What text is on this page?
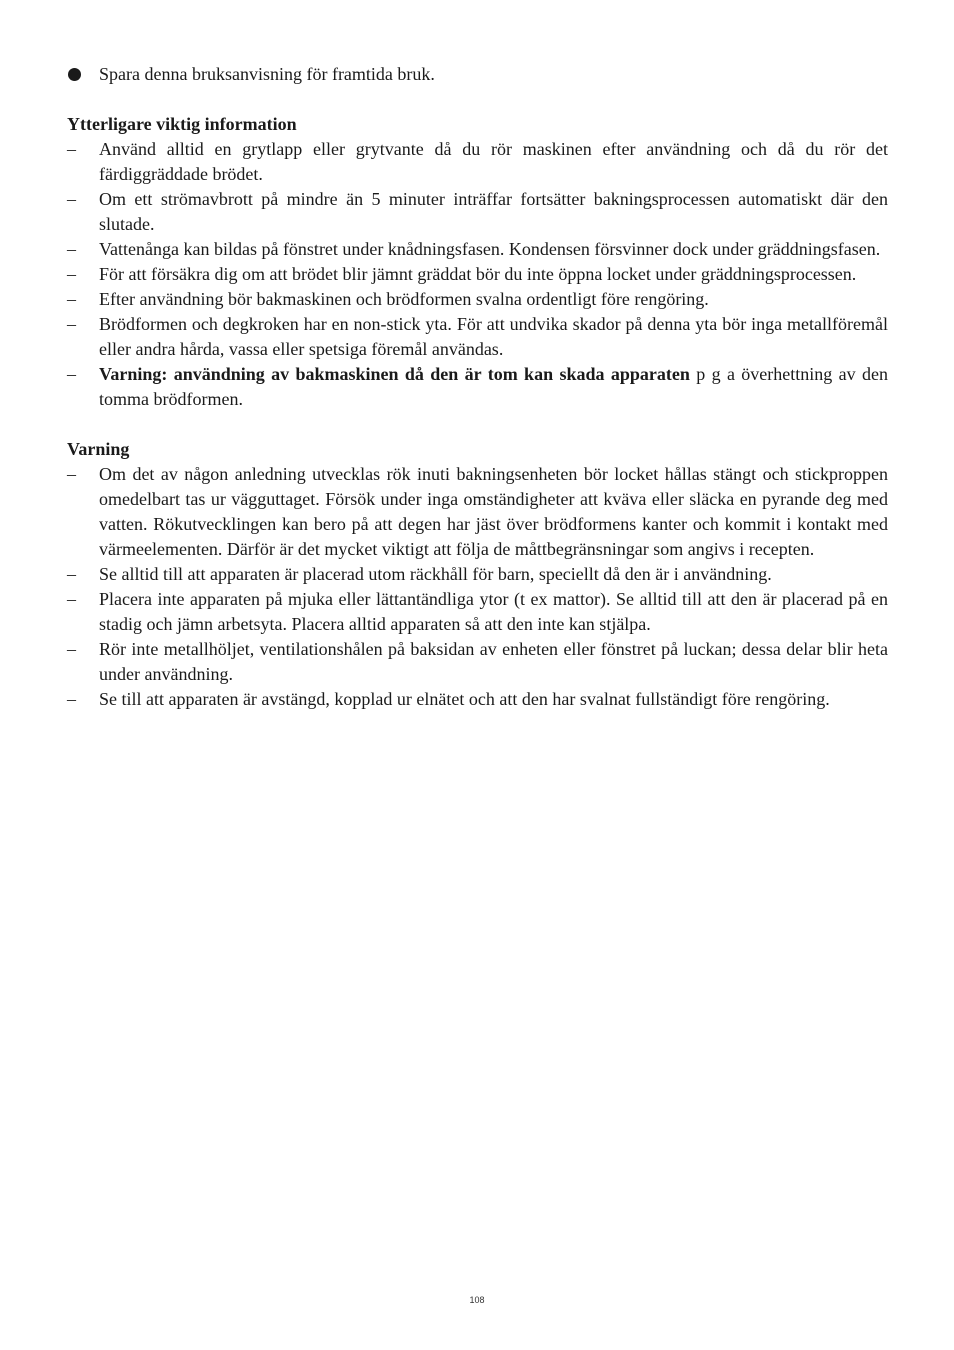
Spara denna bruksanvisning för framtida bruk.
Ytterligare viktig information
–	Använd alltid en grytlapp eller grytvante då du rör maskinen efter användning och då du rör det färdiggräddade brödet.
–	Om ett strömavbrott på mindre än 5 minuter inträffar fortsätter bakningsprocessen automatiskt där den slutade.
–	Vattenånga kan bildas på fönstret under knådningsfasen. Kondensen försvinner dock under gräddningsfasen.
–	För att försäkra dig om att brödet blir jämnt gräddat bör du inte öppna locket under gräddningsprocessen.
–	Efter användning bör bakmaskinen och brödformen svalna ordentligt före rengöring.
–	Brödformen och degkroken har en non-stick yta. För att undvika skador på denna yta bör inga metallföremål eller andra hårda, vassa eller spetsiga föremål användas.
–	Varning: användning av bakmaskinen då den är tom kan skada apparaten p g a överhettning av den tomma brödformen.
Varning
–	Om det av någon anledning utvecklas rök inuti bakningsenheten bör locket hållas stängt och stickproppen omedelbart tas ur vägguttaget. Försök under inga omständigheter att kväva eller släcka en pyrande deg med vatten. Rökutvecklingen kan bero på att degen har jäst över brödformens kanter och kommit i kontakt med värmeelementen. Därför är det mycket viktigt att följa de måttbegränsningar som angivs i recepten.
–	Se alltid till att apparaten är placerad utom räckhåll för barn, speciellt då den är i användning.
–	Placera inte apparaten på mjuka eller lättantändliga ytor (t ex mattor). Se alltid till att den är placerad på en stadig och jämn arbetsyta. Placera alltid apparaten så att den inte kan stjälpa.
–	Rör inte metallhöljet, ventilationshålen på baksidan av enheten eller fönstret på luckan; dessa delar blir heta under användning.
–	Se till att apparaten är avstängd, kopplad ur elnätet och att den har svalnat fullständigt före rengöring.
108
